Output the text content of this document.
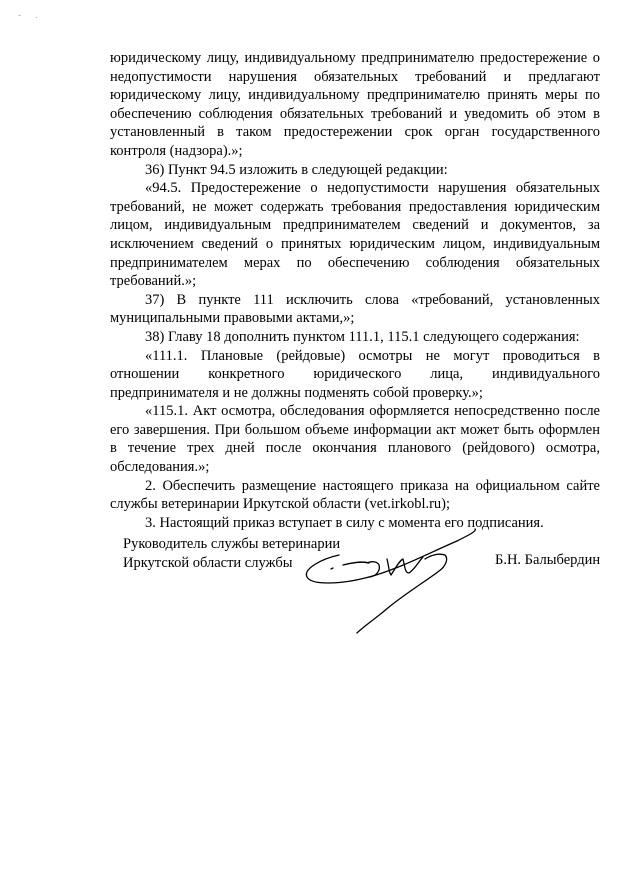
- .

юридическому лицу, индивидуальному предпринимателю предостережение о недопустимости нарушения обязательных требований и предлагают юридическому лицу, индивидуальному предпринимателю принять меры по обеспечению соблюдения обязательных требований и уведомить об этом в установленный в таком предостережении срок орган государственного контроля (надзора).»;

36) Пункт 94.5 изложить в следующей редакции:

«94.5. Предостережение о недопустимости нарушения обязательных требований, не может содержать требования предоставления юридическим лицом, индивидуальным предпринимателем сведений и документов, за исключением сведений о принятых юридическим лицом, индивидуальным предпринимателем мерах по обеспечению соблюдения обязательных требований.»;

37) В пункте 111 исключить слова «требований, установленных муниципальными правовыми актами,»;

38) Главу 18 дополнить пунктом 111.1, 115.1 следующего содержания:

«111.1. Плановые (рейдовые) осмотры не могут проводиться в отношении конкретного юридического лица, индивидуального предпринимателя и не должны подменять собой проверку.»;

«115.1. Акт осмотра, обследования оформляется непосредственно после его завершения. При большом объеме информации акт может быть оформлен в течение трех дней после окончания планового (рейдового) осмотра, обследования.»;

2. Обеспечить размещение настоящего приказа на официальном сайте службы ветеринарии Иркутской области (vet.irkobl.ru);

3. Настоящий приказ вступает в силу с момента его подписания.

Руководитель службы ветеринарии
Иркутской области службы	Б.Н. Балыбердин
